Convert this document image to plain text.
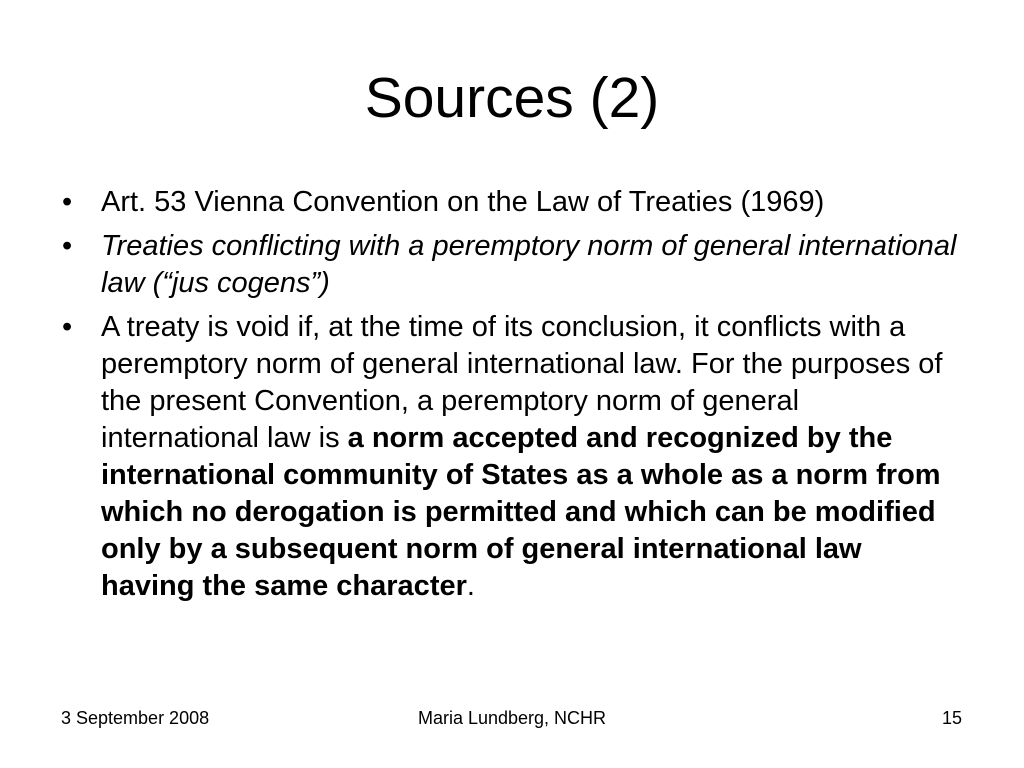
Sources (2)
• Art. 53 Vienna Convention on the Law of Treaties (1969)
• Treaties conflicting with a peremptory norm of general international law (“jus cogens”)
• A treaty is void if, at the time of its conclusion, it conflicts with a peremptory norm of general international law. For the purposes of the present Convention, a peremptory norm of general international law is a norm accepted and recognized by the international community of States as a whole as a norm from which no derogation is permitted and which can be modified only by a subsequent norm of general international law having the same character.
3 September 2008	Maria Lundberg, NCHR	15
